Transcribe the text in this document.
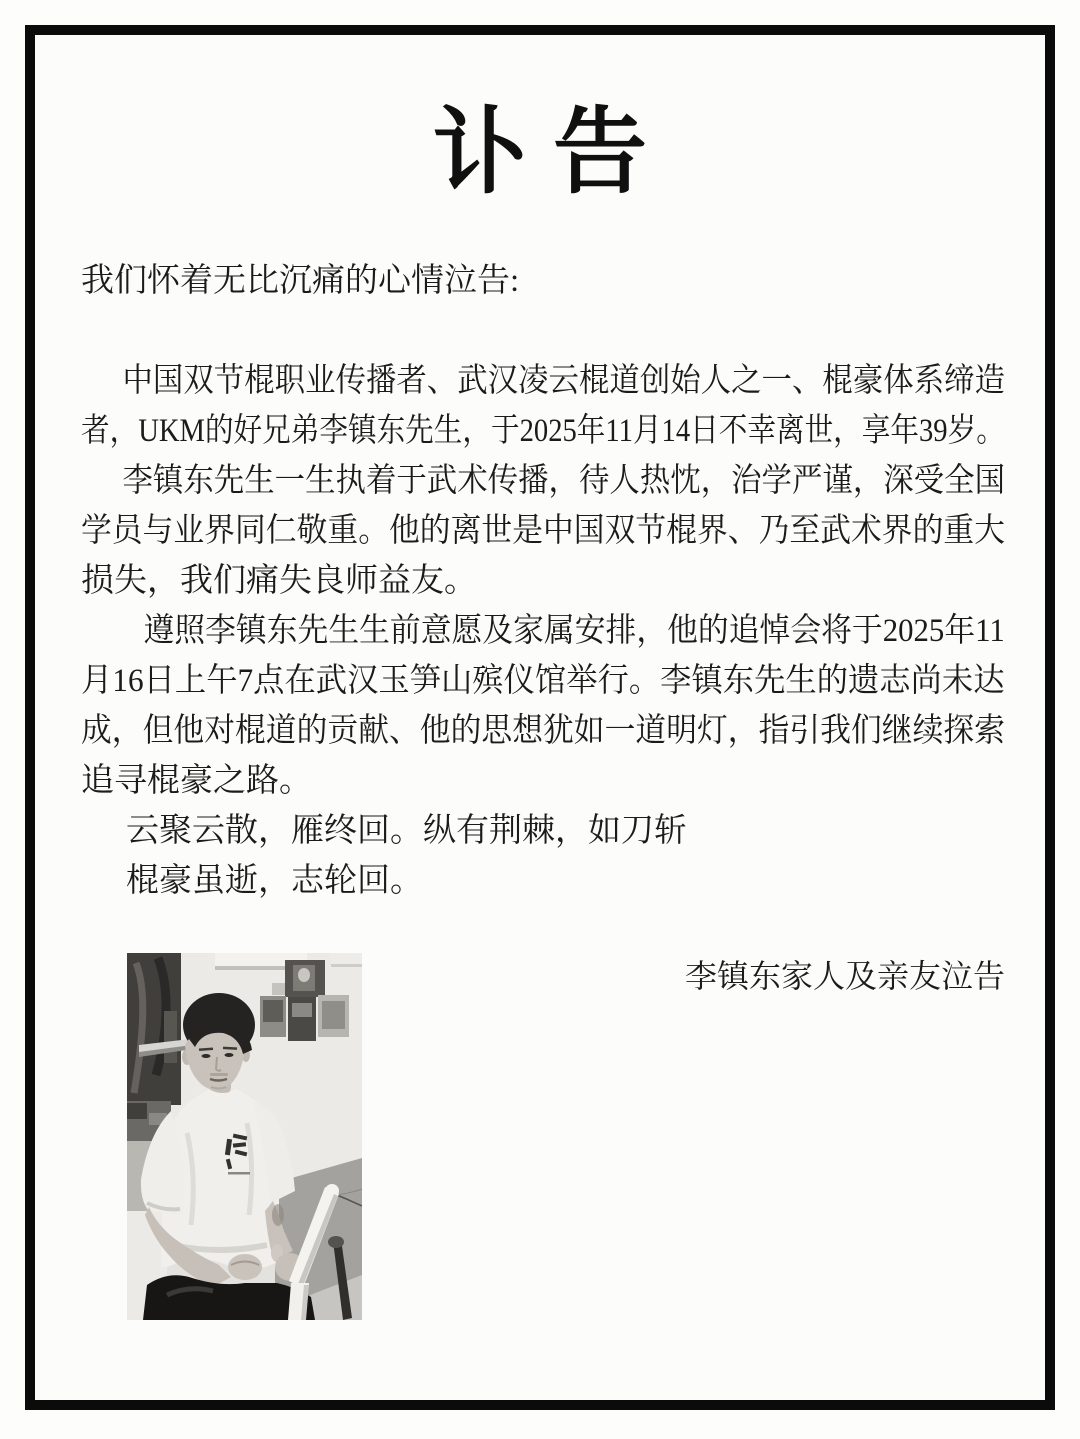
讣告

我们怀着无比沉痛的心情泣告:

中国双节棍职业传播者、武汉凌云棍道创始人之一、棍豪体系缔造

者，UKM的好兄弟李镇东先生，于2025年11月14日不幸离世，享年39岁。

李镇东先生一生执着于武术传播，待人热忱，治学严谨，深受全国

学员与业界同仁敬重。他的离世是中国双节棍界、乃至武术界的重大

损失，我们痛失良师益友。

遵照李镇东先生生前意愿及家属安排，他的追悼会将于2025年11

月16日上午7点在武汉玉笋山殡仪馆举行。李镇东先生的遗志尚未达

成，但他对棍道的贡献、他的思想犹如一道明灯，指引我们继续探索

追寻棍豪之路。

云聚云散，雁终回。纵有荆棘，如刀斩

棍豪虽逝，志轮回。

李镇东家人及亲友泣告
